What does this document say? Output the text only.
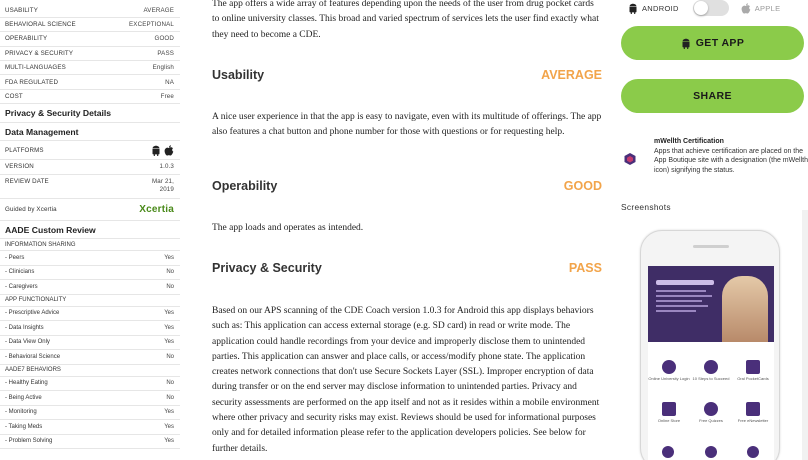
USABILITY	AVERAGE
BEHAVIORAL SCIENCE	EXCEPTIONAL
OPERABILITY	GOOD
PRIVACY & SECURITY	PASS
MULTI-LANGUAGES	English
FDA REGULATED	NA
COST	Free
Privacy & Security Details
Data Management
PLATFORMS
VERSION	1.0.3
REVIEW DATE	Mar 21,
2019
Guided by Xcertia	Xcertia
AADE Custom Review
INFORMATION SHARING
- Peers	Yes
- Clinicians	No
- Caregivers	No
APP FUNCTIONALITY
- Prescriptive Advice	Yes
- Data Insights	Yes
- Data View Only	Yes
- Behavioral Science	No
AADE7 BEHAVIORS
- Healthy Eating	No
- Being Active	No
- Monitoring	Yes
- Taking Meds	Yes
- Problem Solving	Yes
The app offers a wide array of features depending upon the needs of the user from drug pocket cards to online university classes. This broad and varied spectrum of services lets the user find exactly what they need to become a CDE.
Usability	AVERAGE
A nice user experience in that the app is easy to navigate, even with its multitude of offerings. The app also features a chat button and phone number for those with questions or for requesting help.
Operability	GOOD
The app loads and operates as intended.
Privacy & Security	PASS
Based on our APS scanning of the CDE Coach version 1.0.3 for Android this app displays behaviors such as: This application can access external storage (e.g. SD card) in read or write mode. The application could handle recordings from your device and improperly disclose them to unintended parties. This application can answer and place calls, or access/modify phone state. The application creates network connections that don't use Secure Sockets Layer (SSL). Improper encryption of data during transfer or on the end server may disclose information to unintended parties. Privacy and security assessments are performed on the app itself and not as it resides within a mobile environment where other privacy and security risks may exist. Reviews should be used for informational purposes only and for detailed information please refer to the application developers policies. See below for further details.
ANDROID	APPLE
GET APP
SHARE
mWellth Certification
Apps that achieve certification are placed on the App Boutique site with a designation (the mWellth icon) signifying the status.
Screenshots
Online University Login 10 Steps to Succeed	Oral PocketCards
Online Store	Free Quizzes	Free eNewsletter
